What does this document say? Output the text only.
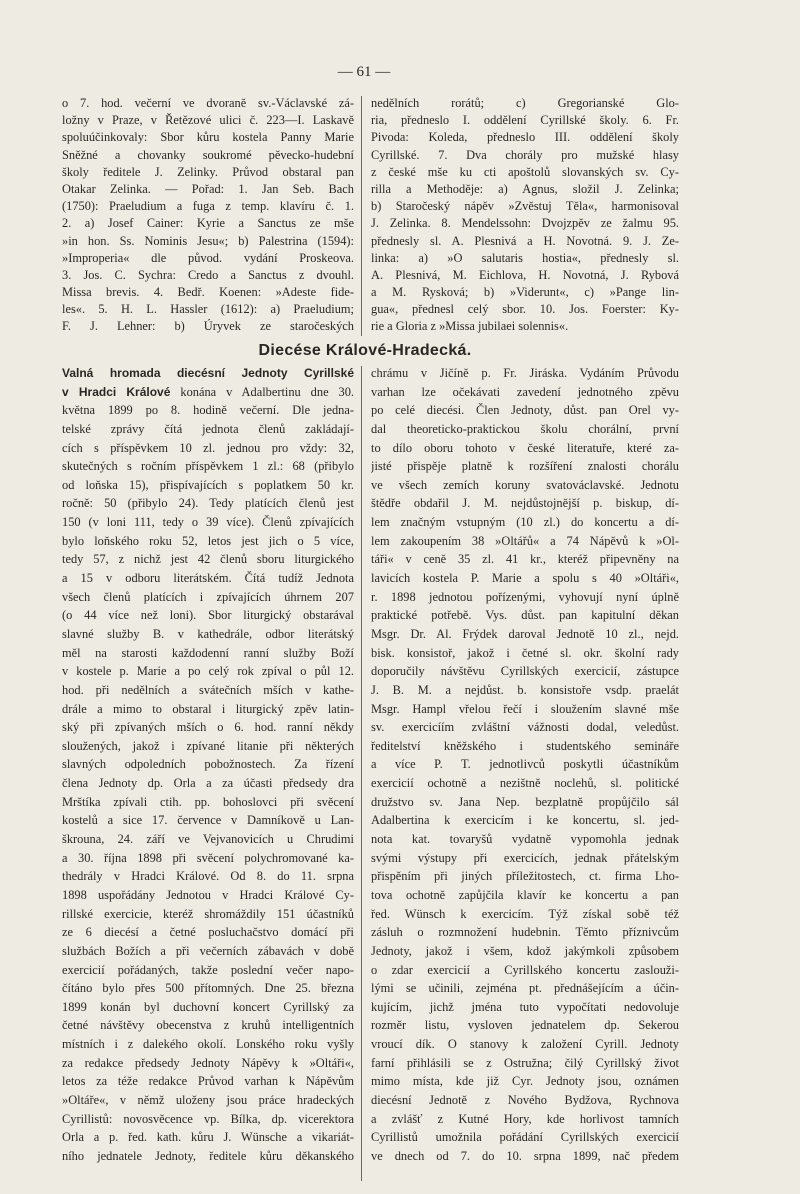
— 61 —
o 7. hod. večerní ve dvoraně sv.-Václavské zá-
ložny v Praze, v Řetězové ulici č. 223—I. Laskavě
spoluúčinkovaly: Sbor kůru kostela Panny Marie
Sněžné a chovanky soukromé pěvecko-hudební
školy ředitele J. Zelinky. Průvod obstaral pan
Otakar Zelinka. — Pořad: 1. Jan Seb. Bach
(1750): Praeludium a fuga z temp. klavíru č. 1.
2. a) Josef Cainer: Kyrie a Sanctus ze mše
»in hon. Ss. Nominis Jesu«; b) Palestrina (1594):
»Improperia« dle původ. vydání Proskeova.
3. Jos. C. Sychra: Credo a Sanctus z dvouhl.
Missa brevis. 4. Bedř. Koenen: »Adeste fide-
les«. 5. H. L. Hassler (1612): a) Praeludium;
F. J. Lehner: b) Úryvek ze staročeských
nedělních rorátů; c) Gregorianské Glo-
ria, předneslo I. oddělení Cyrillské školy. 6. Fr.
Pivoda: Koleda, předneslo III. oddělení školy
Cyrillské. 7. Dva chorály pro mužské hlasy
z české mše ku cti apoštolů slovanských sv. Cy-
rilla a Methoděje: a) Agnus, složil J. Zelinka;
b) Staročeský nápěv »Zvěstuj Těla«, harmonisoval
J. Zelinka. 8. Mendelssohn: Dvojzpěv ze žalmu 95.
přednesly sl. A. Plesnivá a H. Novotná. 9. J. Ze-
linka: a) »O salutaris hostia«, přednesly sl.
A. Plesnivá, M. Eichlova, H. Novotná, J. Rybová
a M. Rysková; b) »Viderunt«, c) »Pange lin-
gua«, přednesl celý sbor. 10. Jos. Foerster: Ky-
rie a Gloria z »Missa jubilaei solennis«.
Diecése Králové-Hradecká.
Valná hromada diecésní Jednoty Cyrillské
v Hradci Králové konána v Adalbertinu dne 30.
května 1899 po 8. hodině večerní. Dle jedna-
telské zprávy čítá jednota členů zakládají-
cích s příspěvkem 10 zl. jednou pro vždy: 32,
skutečných s ročním příspěvkem 1 zl.: 68 (přibylo
od loňska 15), přispívajících s poplatkem 50 kr.
ročně: 50 (přibylo 24). Tedy platících členů jest
150 (v loni 111, tedy o 39 více). Členů zpívajících
bylo loňského roku 52, letos jest jich o 5 více,
tedy 57, z nichž jest 42 členů sboru liturgického
a 15 v odboru literátském. Čítá tudíž Jednota
všech členů platících i zpívajících úhrnem 207
(o 44 více než loni). Sbor liturgický obstarával
slavné služby B. v kathedrále, odbor literátský
měl na starosti každodenní ranní služby Boží
v kostele p. Marie a po celý rok zpíval o půl 12.
hod. při nedělních a svátečních mších v kathe-
drále a mimo to obstaral i liturgický zpěv latin-
ský při zpívaných mších o 6. hod. ranní někdy
sloužených, jakož i zpívané litanie při některých
slavných odpoledních pobožnostech. Za řízení
člena Jednoty dp. Orla a za účasti předsedy dra
Mrštíka zpívali ctih. pp. bohoslovci při svěcení
kostelů a sice 17. července v Damníkově u Lan-
škrouna, 24. září ve Vejvanovicích u Chrudimi
a 30. října 1898 při svěcení polychromované ka-
thedrály v Hradci Králové. Od 8. do 11. srpna
1898 uspořádány Jednotou v Hradci Králové Cy-
rillské exercicie, kteréž shromáždily 151 účastníků
ze 6 diecésí a četné posluchačstvo domácí při
službách Božích a při večerních zábavách v době
exercicií pořádaných, takže poslední večer napo-
čítáno bylo přes 500 přítomných. Dne 25. března
1899 konán byl duchovní koncert Cyrillský za
četné návštěvy obecenstva z kruhů intelligentních
místních i z dalekého okolí. Lonského roku vyšly
za redakce předsedy Jednoty Nápěvy k »Oltáři«,
letos za téže redakce Průvod varhan k Nápěvům
»Oltáře«, v němž uloženy jsou práce hradeckých
Cyrillistů: novosvěcence vp. Bílka, dp. vicerektora
Orla a p. řed. kath. kůru J. Wünsche a vikariát-
ního jednatele Jednoty, ředitele kůru děkanského
chrámu v Jičíně p. Fr. Jiráska. Vydáním Průvodu
varhan lze očekávati zavedení jednotného zpěvu
po celé diecési. Člen Jednoty, důst. pan Orel vy-
dal theoreticko-praktickou školu chorální, první
to dílo oboru tohoto v české literatuře, které za-
jisté přispěje platně k rozšíření znalosti chorálu
ve všech zemích koruny svatováclavské. Jednotu
štědře obdařil J. M. nejdůstojnější p. biskup, dí-
lem značným vstupným (10 zl.) do koncertu a dí-
lem zakoupením 38 »Oltářů« a 74 Nápěvů k »Ol-
táři« v ceně 35 zl. 41 kr., kteréž připevněny na
lavicích kostela P. Marie a spolu s 40 »Oltáři«,
r. 1898 jednotou pořízenými, vyhovují nyní úplně
praktické potřebě. Vys. důst. pan kapitulní děkan
Msgr. Dr. Al. Frýdek daroval Jednotě 10 zl., nejd.
bisk. konsistoř, jakož i četné sl. okr. školní rady
doporučily návštěvu Cyrillských exercicií, zástupce
J. B. M. a nejdůst. b. konsistoře vsdp. praelát
Msgr. Hampl vřelou řečí i sloužením slavné mše
sv. exercicíím zvláštní vážnosti dodal, veledůst.
ředitelství kněžského i studentského semináře
a více P. T. jednotlivců poskytli účastníkům
exercicií ochotně a nezištně noclehů, sl. politické
družstvo sv. Jana Nep. bezplatně propůjčilo sál
Adalbertina k exercicím i ke koncertu, sl. jed-
nota kat. tovaryšů vydatně vypomohla jednak
svými výstupy při exercicích, jednak přátelským
přispěním při jiných příležitostech, ct. firma Lho-
tova ochotně zapůjčila klavír ke koncertu a pan
řed. Wünsch k exercicím. Týž získal sobě též
zásluh o rozmnožení hudebnin. Těmto příznivcům
Jednoty, jakož i všem, kdož jakýmkoli způsobem
o zdar exercicií a Cyrillského koncertu zaslouži-
lými se učinili, zejména pt. přednášejícím a účin-
kujícím, jichž jména tuto vypočítati nedovoluje
rozměr listu, vysloven jednatelem dp. Sekerou
vroucí dík. O stanovy k založení Cyrill. Jednoty
farní přihlásili se z Ostružna; čilý Cyrillský život
mimo místa, kde již Cyr. Jednoty jsou, oznámen
diecésní Jednotě z Nového Bydžova, Rychnova
a zvlášť z Kutné Hory, kde horlivost tamních
Cyrillistů umožnila pořádání Cyrillských exercicií
ve dnech od 7. do 10. srpna 1899, nač předem
